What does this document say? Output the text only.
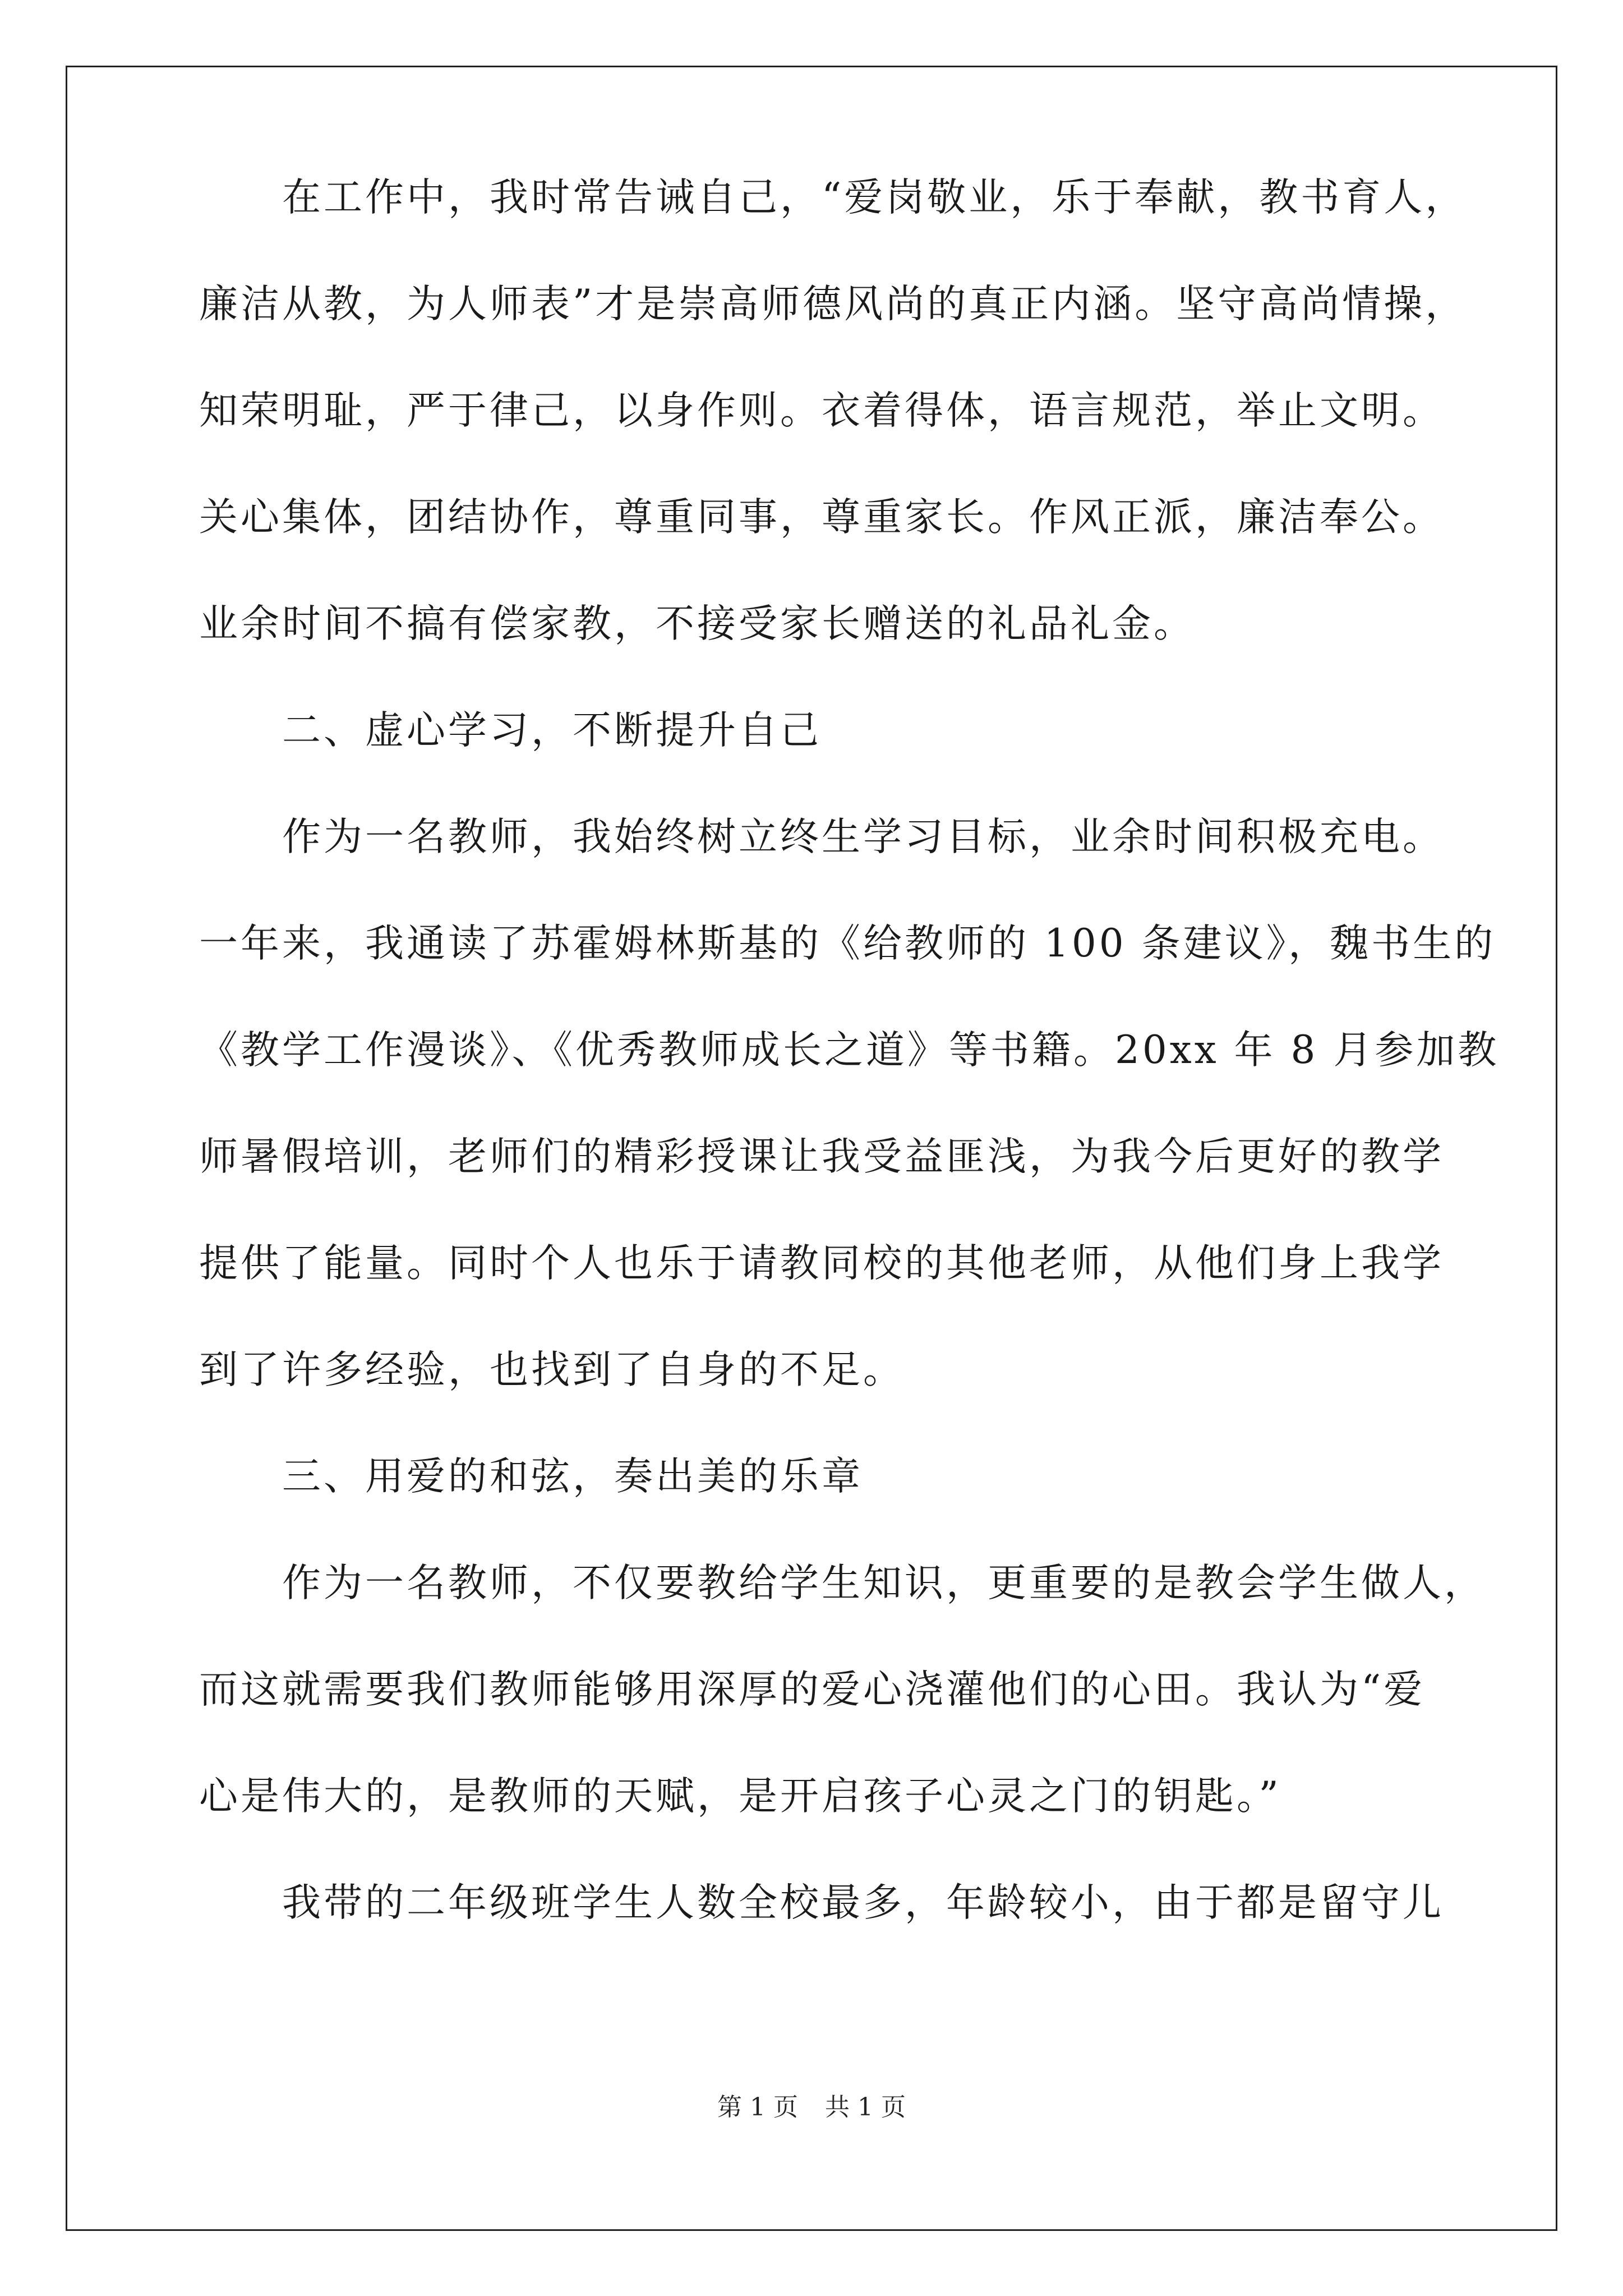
在工作中，我时常告诫自己，“爱岗敬业，乐于奉献，教书育人，
廉洁从教，为人师表”才是崇高师德风尚的真正内涵。坚守高尚情操，
知荣明耻，严于律己，以身作则。衣着得体，语言规范，举止文明。
关心集体，团结协作，尊重同事，尊重家长。作风正派，廉洁奉公。
业余时间不搞有偿家教，不接受家长赠送的礼品礼金。
二、虚心学习，不断提升自己
作为一名教师，我始终树立终生学习目标，业余时间积极充电。
一年来，我通读了苏霍姆林斯基的《给教师的 100 条建议》，魏书生的
《教学工作漫谈》、《优秀教师成长之道》等书籍。20xx 年 8 月参加教
师暑假培训，老师们的精彩授课让我受益匪浅，为我今后更好的教学
提供了能量。同时个人也乐于请教同校的其他老师，从他们身上我学
到了许多经验，也找到了自身的不足。
三、用爱的和弦，奏出美的乐章
作为一名教师，不仅要教给学生知识，更重要的是教会学生做人，
而这就需要我们教师能够用深厚的爱心浇灌他们的心田。我认为“爱
心是伟大的，是教师的天赋，是开启孩子心灵之门的钥匙。”
我带的二年级班学生人数全校最多，年龄较小，由于都是留守儿
第 1 页 共 1 页
